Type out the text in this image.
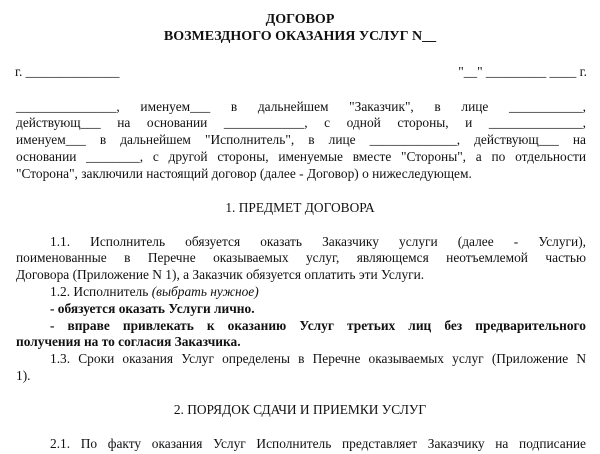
ДОГОВОР
ВОЗМЕЗДНОГО ОКАЗАНИЯ УСЛУГ N__
г. ______________	"__" _________ ____ г.
_______________, именуем___ в дальнейшем "Заказчик", в лице ___________,
действующ___ на основании ____________, с одной стороны, и ______________,
именуем___ в дальнейшем "Исполнитель", в лице _____________, действующ___ на
основании ________, с другой стороны, именуемые вместе "Стороны", а по отдельности
"Сторона", заключили настоящий договор (далее - Договор) о нижеследующем.
1. ПРЕДМЕТ ДОГОВОРА
1.1. Исполнитель обязуется оказать Заказчику услуги (далее - Услуги),
поименованные в Перечне оказываемых услуг, являющемся неотъемлемой частью
Договора (Приложение N 1), а Заказчик обязуется оплатить эти Услуги.
1.2. Исполнитель (выбрать нужное)
- обязуется оказать Услуги лично.
- вправе привлекать к оказанию Услуг третьих лиц без предварительного
получения на то согласия Заказчика.
1.3. Сроки оказания Услуг определены в Перечне оказываемых услуг (Приложение N
1).
2. ПОРЯДОК СДАЧИ И ПРИЕМКИ УСЛУГ
2.1. По факту оказания Услуг Исполнитель представляет Заказчику на подписание
